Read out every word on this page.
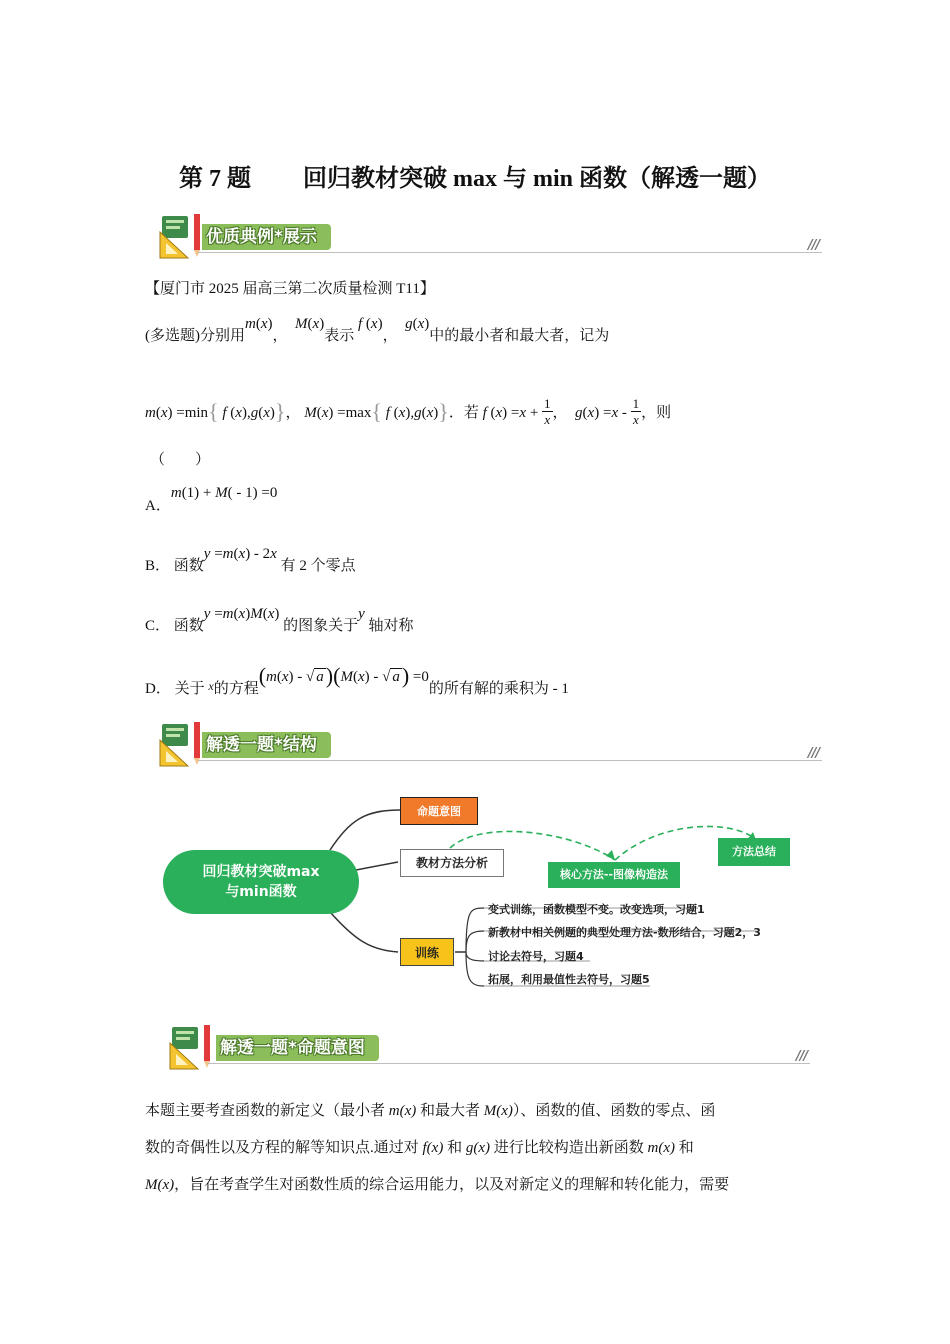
第 7 题 回归教材突破 max 与 min 函数（解透一题）
优质典例*展示	///
【厦门市 2025 届高三第二次质量检测 T11】
(多选题)分别用m(x)，  M(x)表示 f (x)，  g(x)中的最小者和最大者，记为
m(x) =min{ f (x),g(x)}， M(x) =max{ f (x),g(x)}．若 f $(x) =x + \frac{1}{x}$ ， $g(x) =x - \frac{1}{x}$ ，则
（　　）
A．m(1) + M( - 1) =0
B． 函数y =m(x) - 2x 有 2 个零点
C． 函数y =m(x)M(x) 的图象关于y 轴对称
D． 关于 $^x$的方程(m(x) - √ a)(M(x) - √ a) =0的所有解的乘积为 - 1
解透一题*结构	///
回归教材突破max
与min函数
命题意图
教材方法分析
核心方法--图像构造法
方法总结
训练
变式训练，函数模型不变。改变选项，习题1
新教材中相关例题的典型处理方法-数形结合，习题2，3
讨论去符号，习题4
拓展，利用最值性去符号，习题5
解透一题*命题意图	///
本题主要考查函数的新定义（最小者 m(x) 和最大者 M(x)）、函数的值、函数的零点、函
数的奇偶性以及方程的解等知识点.通过对 f(x) 和 g(x) 进行比较构造出新函数 m(x) 和
M(x)，旨在考查学生对函数性质的综合运用能力，以及对新定义的理解和转化能力，需要
